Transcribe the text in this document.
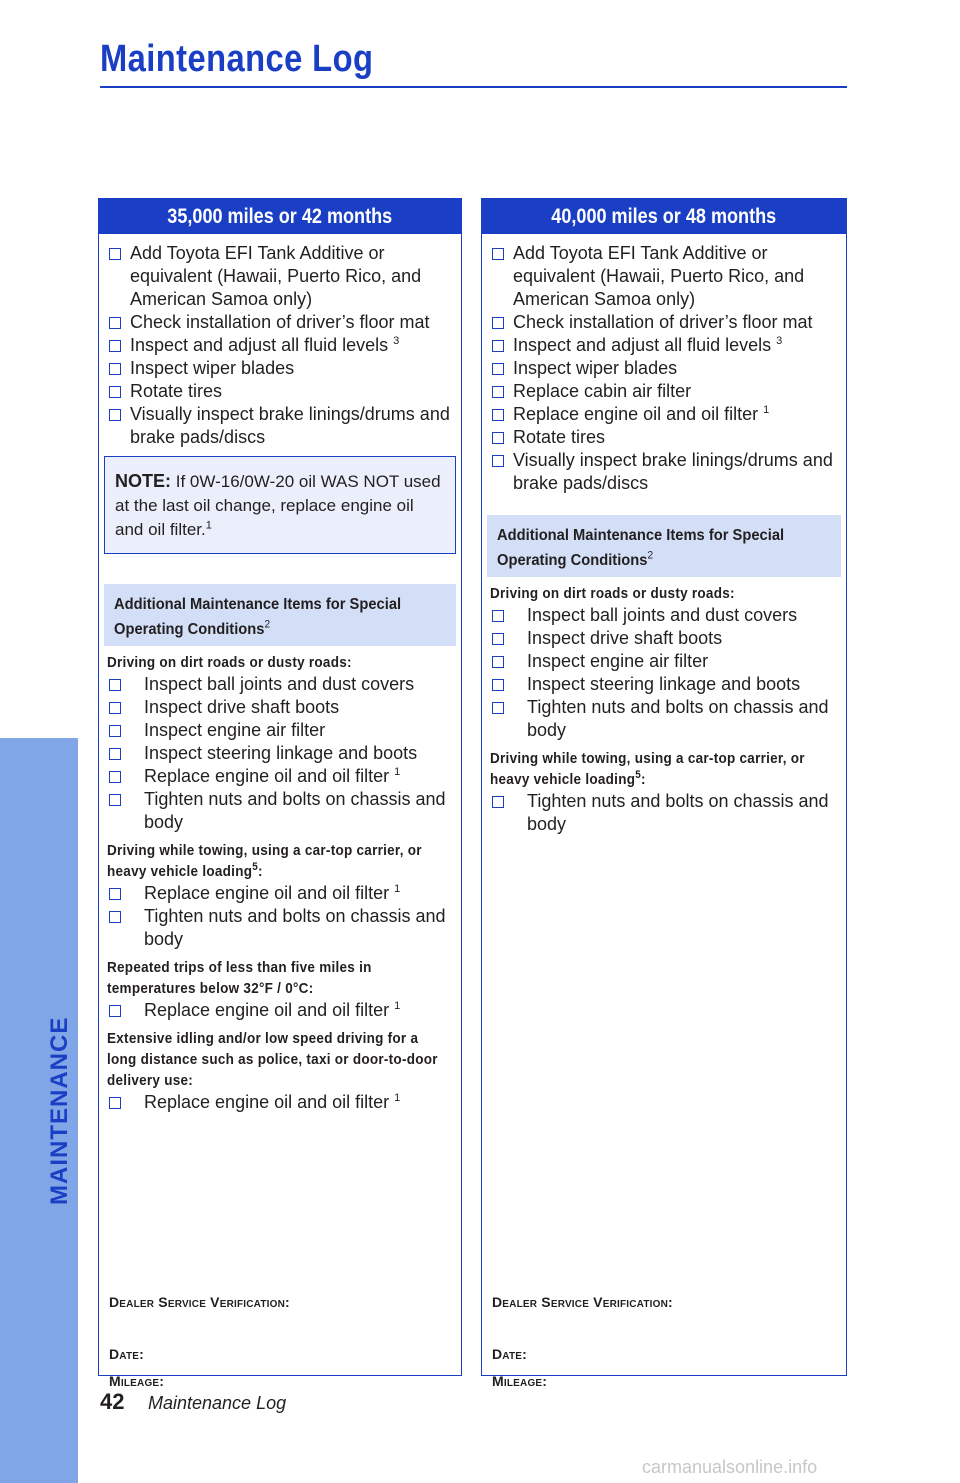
Maintenance Log
MAINTENANCE
35,000 miles or 42 months
Add Toyota EFI Tank Additive or equivalent (Hawaii, Puerto Rico, and American Samoa only)
Check installation of driver’s floor mat
Inspect and adjust all fluid levels $^3$
Inspect wiper blades
Rotate tires
Visually inspect brake linings/drums and brake pads/discs
NOTE: If 0W-16/0W-20 oil WAS NOT used at the last oil change, replace engine oil and oil filter.$^1$
Additional Maintenance Items for Special Operating Conditions$^2$
Driving on dirt roads or dusty roads:
Inspect ball joints and dust covers
Inspect drive shaft boots
Inspect engine air filter
Inspect steering linkage and boots
Replace engine oil and oil filter $^1$
Tighten nuts and bolts on chassis and body
Driving while towing, using a car-top carrier, or heavy vehicle loading$^5$:
Replace engine oil and oil filter $^1$
Tighten nuts and bolts on chassis and body
Repeated trips of less than five miles in temperatures below 32°F / 0°C:
Replace engine oil and oil filter $^1$
Extensive idling and/or low speed driving for a long distance such as police, taxi or door-to-door delivery use:
Replace engine oil and oil filter $^1$
Dealer Service Verification:
Date:
Mileage:
40,000 miles or 48 months
Add Toyota EFI Tank Additive or equivalent (Hawaii, Puerto Rico, and American Samoa only)
Check installation of driver’s floor mat
Inspect and adjust all fluid levels $^3$
Inspect wiper blades
Replace cabin air filter
Replace engine oil and oil filter $^1$
Rotate tires
Visually inspect brake linings/drums and brake pads/discs
Additional Maintenance Items for Special Operating Conditions$^2$
Driving on dirt roads or dusty roads:
Inspect ball joints and dust covers
Inspect drive shaft boots
Inspect engine air filter
Inspect steering linkage and boots
Tighten nuts and bolts on chassis and body
Driving while towing, using a car-top carrier, or heavy vehicle loading$^5$:
Tighten nuts and bolts on chassis and body
Dealer Service Verification:
Date:
Mileage:
42 Maintenance Log
carmanualsonline.info
